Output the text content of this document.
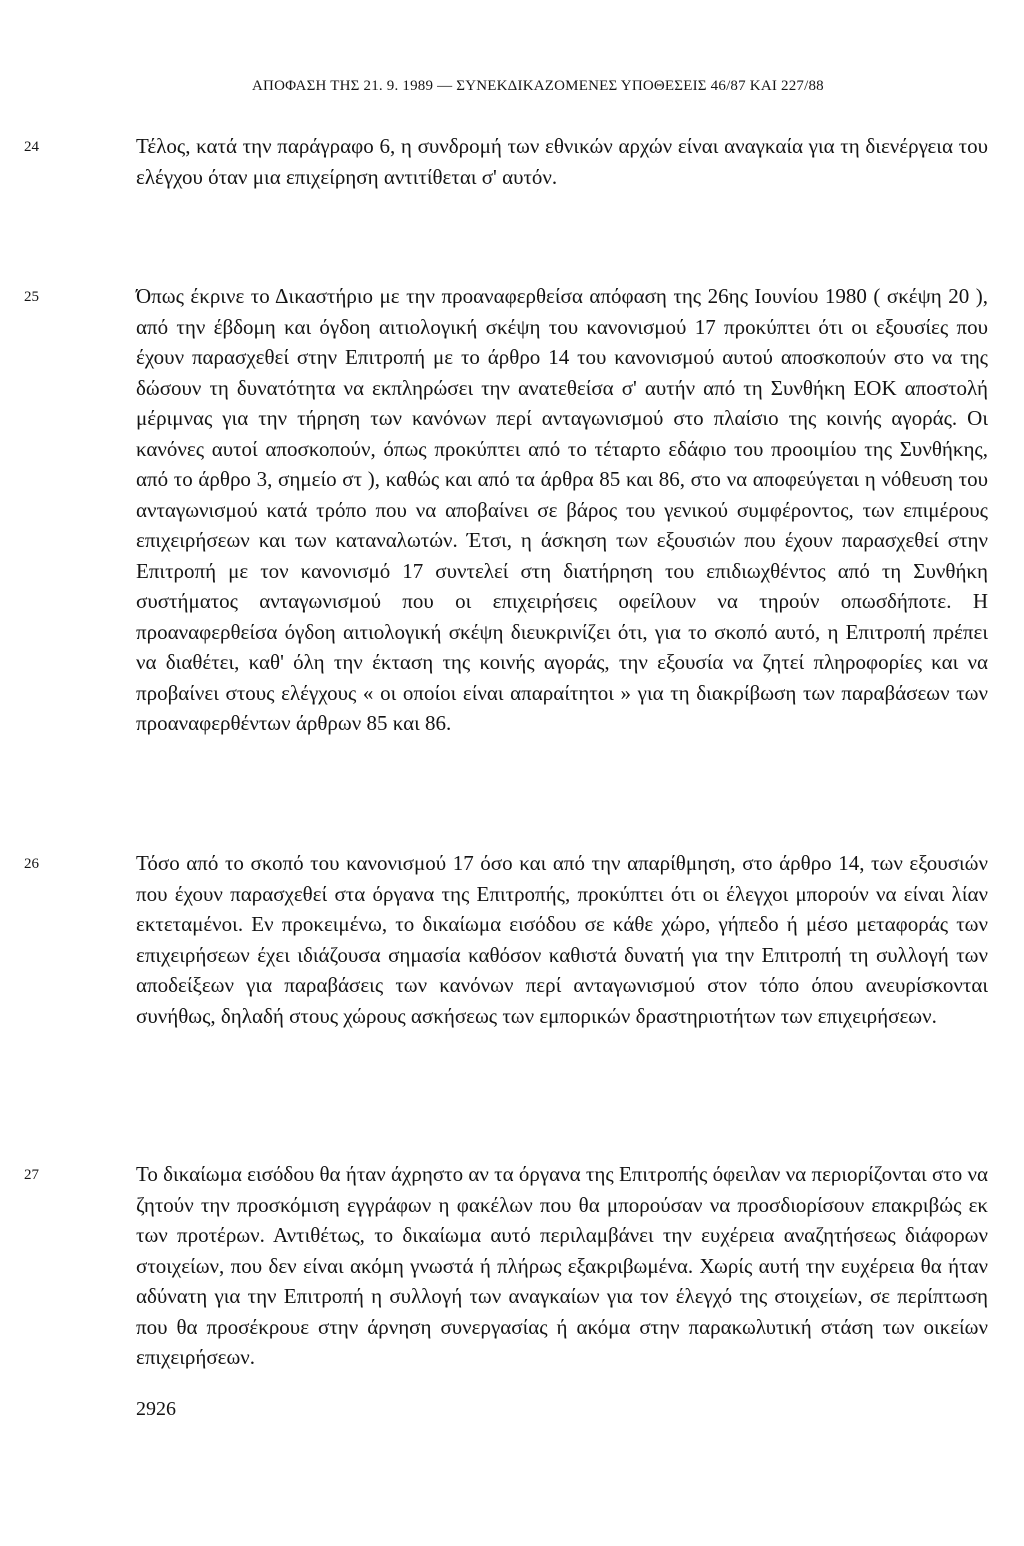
ΑΠΟΦΑΣΗ ΤΗΣ 21. 9. 1989 — ΣΥΝΕΚΔΙΚΑΖΟΜΕΝΕΣ ΥΠΟΘΕΣΕΙΣ 46/87 ΚΑΙ 227/88
24	Τέλος, κατά την παράγραφο 6, η συνδρομή των εθνικών αρχών είναι αναγκαία για τη διενέργεια του ελέγχου όταν μια επιχείρηση αντιτίθεται σ' αυτόν.
25	Όπως έκρινε το Δικαστήριο με την προαναφερθείσα απόφαση της 26ης Ιουνίου 1980 ( σκέψη 20 ), από την έβδομη και όγδοη αιτιολογική σκέψη του κανονισμού 17 προκύπτει ότι οι εξουσίες που έχουν παρασχεθεί στην Επιτροπή με το άρθρο 14 του κανονισμού αυτού αποσκοπούν στο να της δώσουν τη δυνατότητα να εκπληρώσει την ανατεθείσα σ' αυτήν από τη Συνθήκη ΕΟΚ αποστολή μέριμνας για την τήρηση των κανόνων περί ανταγωνισμού στο πλαίσιο της κοινής αγοράς. Οι κανόνες αυτοί αποσκοπούν, όπως προκύπτει από το τέταρτο εδάφιο του προοιμίου της Συνθήκης, από το άρθρο 3, σημείο στ ), καθώς και από τα άρθρα 85 και 86, στο να αποφεύγεται η νόθευση του ανταγωνισμού κατά τρόπο που να αποβαίνει σε βάρος του γενικού συμφέροντος, των επιμέρους επιχειρήσεων και των καταναλωτών. Έτσι, η άσκηση των εξουσιών που έχουν παρασχεθεί στην Επιτροπή με τον κανονισμό 17 συντελεί στη διατήρηση του επιδιωχθέντος από τη Συνθήκη συστήματος ανταγωνισμού που οι επιχειρήσεις οφείλουν να τηρούν οπωσδήποτε. Η προαναφερθείσα όγδοη αιτιολογική σκέψη διευκρινίζει ότι, για το σκοπό αυτό, η Επιτροπή πρέπει να διαθέτει, καθ' όλη την έκταση της κοινής αγοράς, την εξουσία να ζητεί πληροφορίες και να προβαίνει στους ελέγχους « οι οποίοι είναι απαραίτητοι » για τη διακρίβωση των παραβάσεων των προαναφερθέντων άρθρων 85 και 86.
26	Τόσο από το σκοπό του κανονισμού 17 όσο και από την απαρίθμηση, στο άρθρο 14, των εξουσιών που έχουν παρασχεθεί στα όργανα της Επιτροπής, προκύπτει ότι οι έλεγχοι μπορούν να είναι λίαν εκτεταμένοι. Εν προκειμένω, το δικαίωμα εισόδου σε κάθε χώρο, γήπεδο ή μέσο μεταφοράς των επιχειρήσεων έχει ιδιάζουσα σημασία καθόσον καθιστά δυνατή για την Επιτροπή τη συλλογή των αποδείξεων για παραβάσεις των κανόνων περί ανταγωνισμού στον τόπο όπου ανευρίσκονται συνήθως, δηλαδή στους χώρους ασκήσεως των εμπορικών δραστηριοτήτων των επιχειρήσεων.
27	Το δικαίωμα εισόδου θα ήταν άχρηστο αν τα όργανα της Επιτροπής όφειλαν να περιορίζονται στο να ζητούν την προσκόμιση εγγράφων η φακέλων που θα μπορούσαν να προσδιορίσουν επακριβώς εκ των προτέρων. Αντιθέτως, το δικαίωμα αυτό περιλαμβάνει την ευχέρεια αναζητήσεως διάφορων στοιχείων, που δεν είναι ακόμη γνωστά ή πλήρως εξακριβωμένα. Χωρίς αυτή την ευχέρεια θα ήταν αδύνατη για την Επιτροπή η συλλογή των αναγκαίων για τον έλεγχό της στοιχείων, σε περίπτωση που θα προσέκρουε στην άρνηση συνεργασίας ή ακόμα στην παρακωλυτική στάση των οικείων επιχειρήσεων.
2926
